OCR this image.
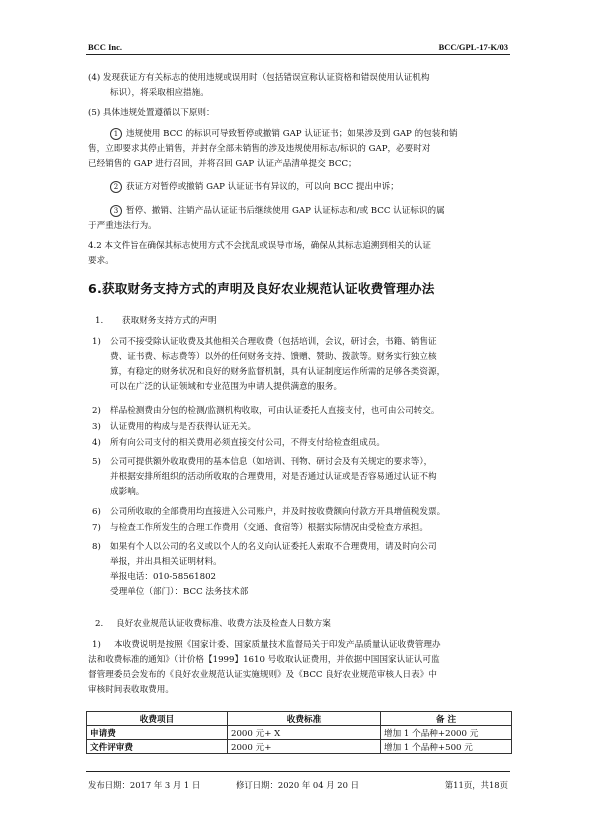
BCC Inc.	BCC/GPL-17-K/03

(4) 发现获证方有关标志的使用违规或误用时（包括错误宣称认证资格和错误使用认证机构

标识），将采取相应措施。

(5) 具体违规处置遵循以下原则：

1 违规使用 BCC 的标识可导致暂停或撤销 GAP 认证证书；如果涉及到 GAP 的包装和销

售，立即要求其停止销售，并封存全部未销售的涉及违规使用标志/标识的 GAP，必要时对

已经销售的 GAP 进行召回，并将召回 GAP 认证产品清单提交 BCC；

2 获证方对暂停或撤销 GAP 认证证书有异议的，可以向 BCC 提出申诉；

3 暂停、撤销、注销产品认证证书后继续使用 GAP 认证标志和/或 BCC 认证标识的属

于严重违法行为。

4.2 本文件旨在确保其标志使用方式不会扰乱或误导市场，确保从其标志追溯到相关的认证

要求。

6.获取财务支持方式的声明及良好农业规范认证收费管理办法

1. 获取财务支持方式的声明

1) 公司不接受除认证收费及其他相关合理收费（包括培训，会议，研讨会，书籍、销售证

费、证书费、标志费等）以外的任何财务支持、馈赠、赞助、拨款等。财务实行独立核

算，有稳定的财务状况和良好的财务监督机制，具有认证制度运作所需的足够各类资源，

可以在广泛的认证领域和专业范围为申请人提供满意的服务。

2) 样品检测费由分包的检测/监测机构收取，可由认证委托人直接支付，也可由公司转交。

3) 认证费用的构成与是否获得认证无关。

4) 所有向公司支付的相关费用必须直接交付公司，不得支付给检查组成员。

5) 公司可提供额外收取费用的基本信息（如培训、刊物、研讨会及有关规定的要求等），

并根据安排所组织的活动所收取的合理费用，对是否通过认证或是否容易通过认证不构

成影响。

6) 公司所收取的全部费用均直接进入公司账户，并及时按收费额向付款方开具增值税发票。

7) 与检查工作所发生的合理工作费用（交通、食宿等）根据实际情况由受检查方承担。

8) 如果有个人以公司的名义或以个人的名义向认证委托人索取不合理费用，请及时向公司

举报，并出具相关证明材料。

举报电话：010-58561802

受理单位（部门）：BCC 法务技术部

2. 良好农业规范认证收费标准、收费方法及检查人日数方案

1) 本收费说明是按照《国家计委、国家质量技术监督局关于印发产品质量认证收费管理办

法和收费标准的通知》（计价格【1999】1610 号收取认证费用，并依据中国国家认证认可监

督管理委员会发布的《良好农业规范认证实施规则》及《BCC 良好农业规范审核人日表》中

审核时间表收取费用。

收费项目	收费标准	备 注
申请费	2000 元+ X	增加 1 个品种+2000 元
文件评审费	2000 元+	增加 1 个品种+500 元
发布日期：2017 年 3 月 1 日	修订日期：2020 年 04 月 20 日	第11页，共18页
